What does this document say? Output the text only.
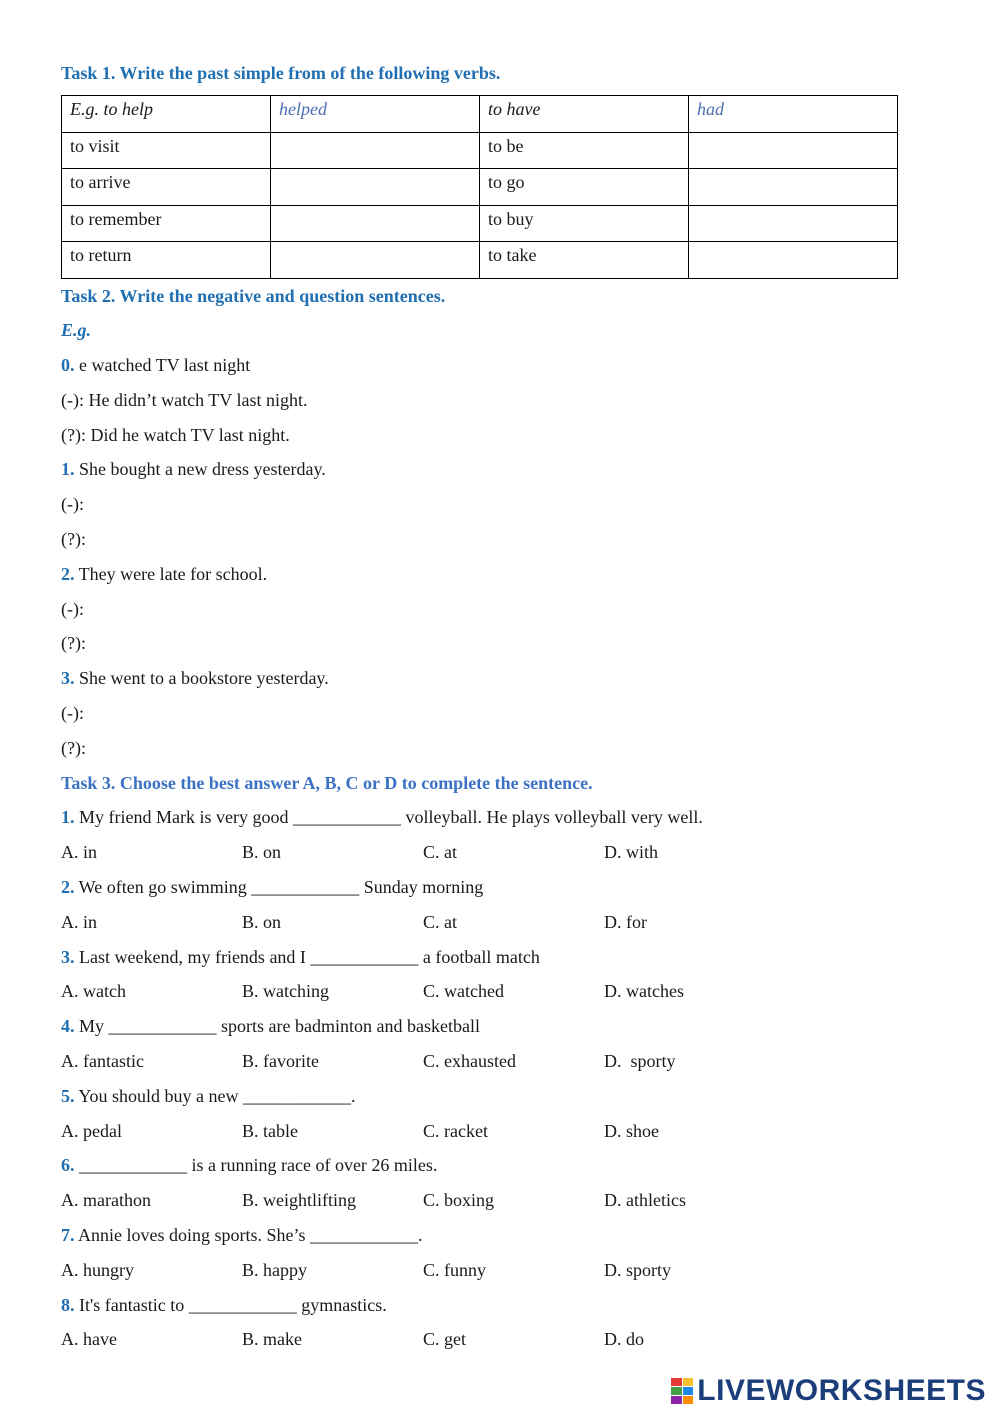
Task 1. Write the past simple from of the following verbs.
E.g. to help	helped	to have	had
to visit		to be	
to arrive		to go	
to remember		to buy	
to return		to take	
Task 2. Write the negative and question sentences.
E.g.
0. e watched TV last night
(-): He didn’t watch TV last night.
(?): Did he watch TV last night.
1. She bought a new dress yesterday.
(-):
(?):
2. They were late for school.
(-):
(?):
3. She went to a bookstore yesterday.
(-):
(?):
Task 3. Choose the best answer A, B, C or D to complete the sentence.
1. My friend Mark is very good ____________ volleyball. He plays volleyball very well.
A. in	B. on	C. at	D. with
2. We often go swimming ____________ Sunday morning
A. in	B. on	C. at	D. for
3. Last weekend, my friends and I ____________ a football match
A. watch	B. watching	C. watched	D. watches
4. My ____________ sports are badminton and basketball
A. fantastic	B. favorite	C. exhausted	D.  sporty
5. You should buy a new ____________.
A. pedal	B. table	C. racket	D. shoe
6. ____________ is a running race of over 26 miles.
A. marathon	B. weightlifting	C. boxing	D. athletics
7. Annie loves doing sports. She’s ____________.
A. hungry	B. happy	C. funny	D. sporty
8. It's fantastic to ____________ gymnastics.
A. have	B. make	C. get	D. do
LIVEWORKSHEETS
